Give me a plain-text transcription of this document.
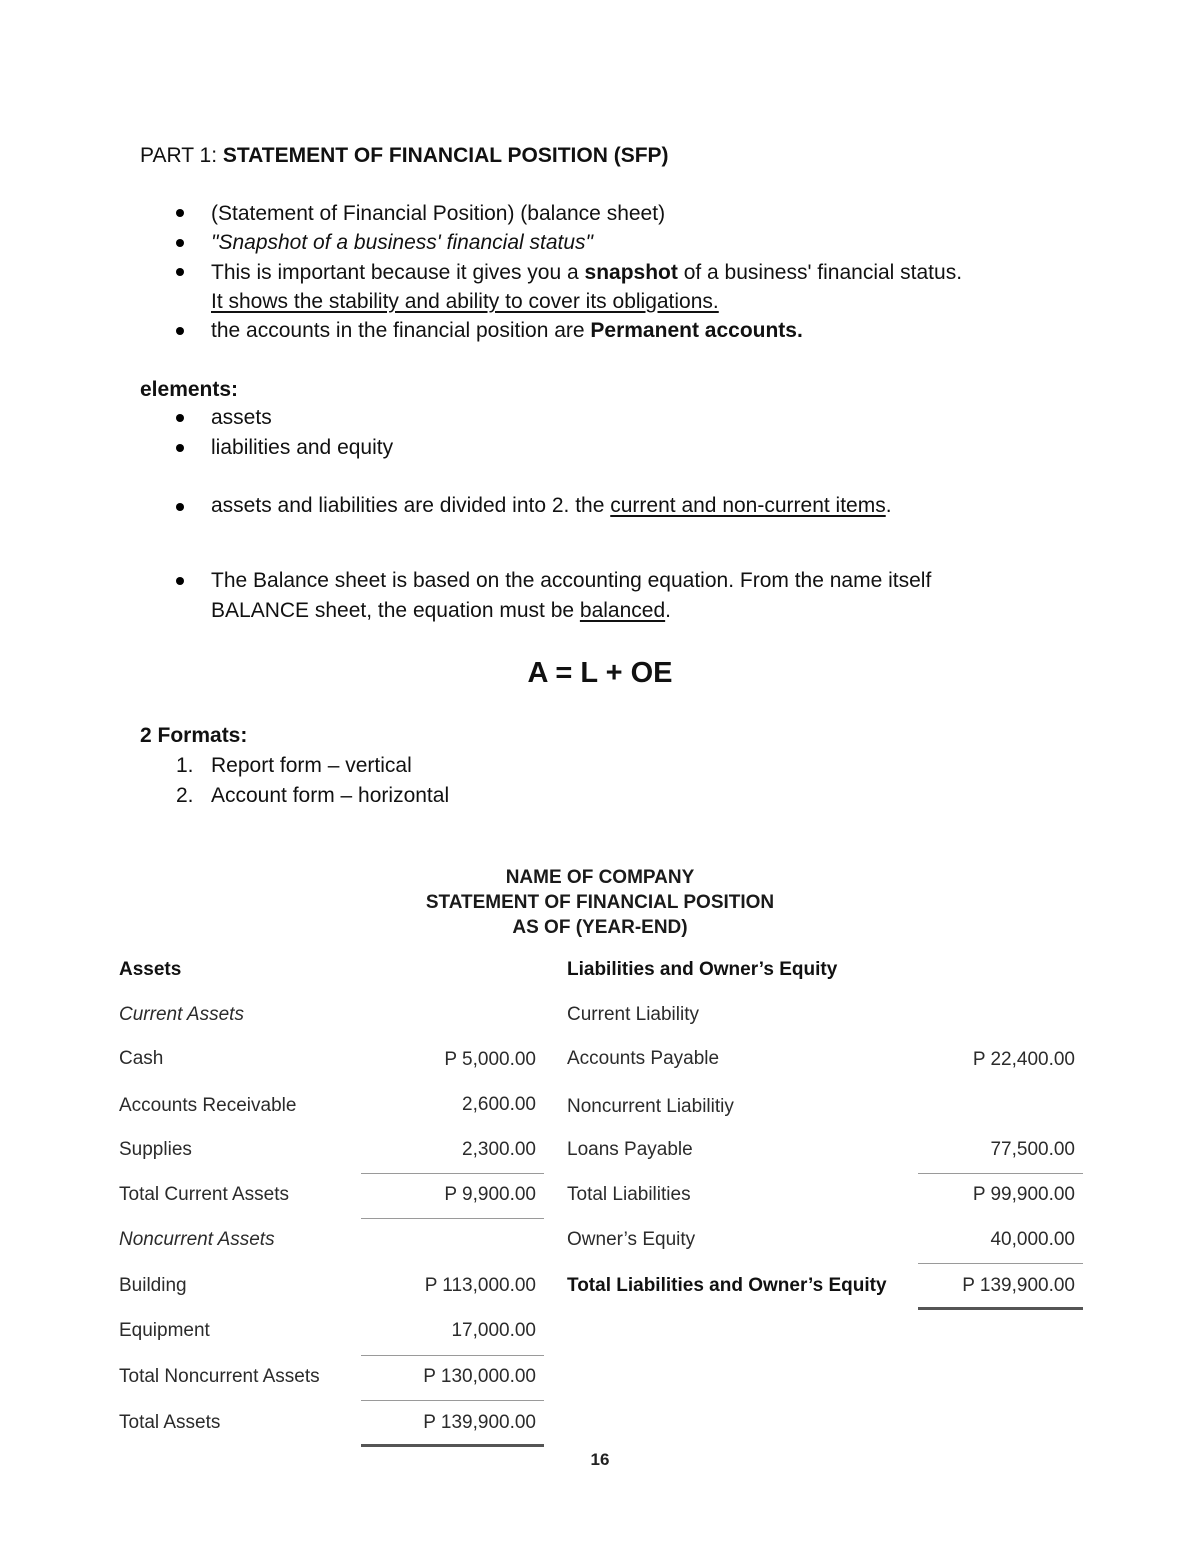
PART 1: STATEMENT OF FINANCIAL POSITION (SFP)
(Statement of Financial Position) (balance sheet)
"Snapshot of a business' financial status"
This is important because it gives you a snapshot of a business' financial status.
It shows the stability and ability to cover its obligations.
the accounts in the financial position are Permanent accounts.
elements:
assets
liabilities and equity
assets and liabilities are divided into 2. the current and non-current items.
The Balance sheet is based on the accounting equation. From the name itself
BALANCE sheet, the equation must be balanced.
A = L + OE
2 Formats:
1. Report form – vertical
2. Account form – horizontal
NAME OF COMPANY
STATEMENT OF FINANCIAL POSITION
AS OF (YEAR-END)
Assets
Current Assets
Cash	P 5,000.00
Accounts Receivable	2,600.00
Supplies	2,300.00
Total Current Assets	P 9,900.00
Noncurrent Assets
Building	P 113,000.00
Equipment	17,000.00
Total Noncurrent Assets	P 130,000.00
Total Assets	P 139,900.00
Liabilities and Owner’s Equity
Current Liability
Accounts Payable	P 22,400.00
Noncurrent Liabilitiy
Loans Payable	77,500.00
Total Liabilities	P 99,900.00
Owner’s Equity	40,000.00
Total Liabilities and Owner’s Equity	P 139,900.00
16
